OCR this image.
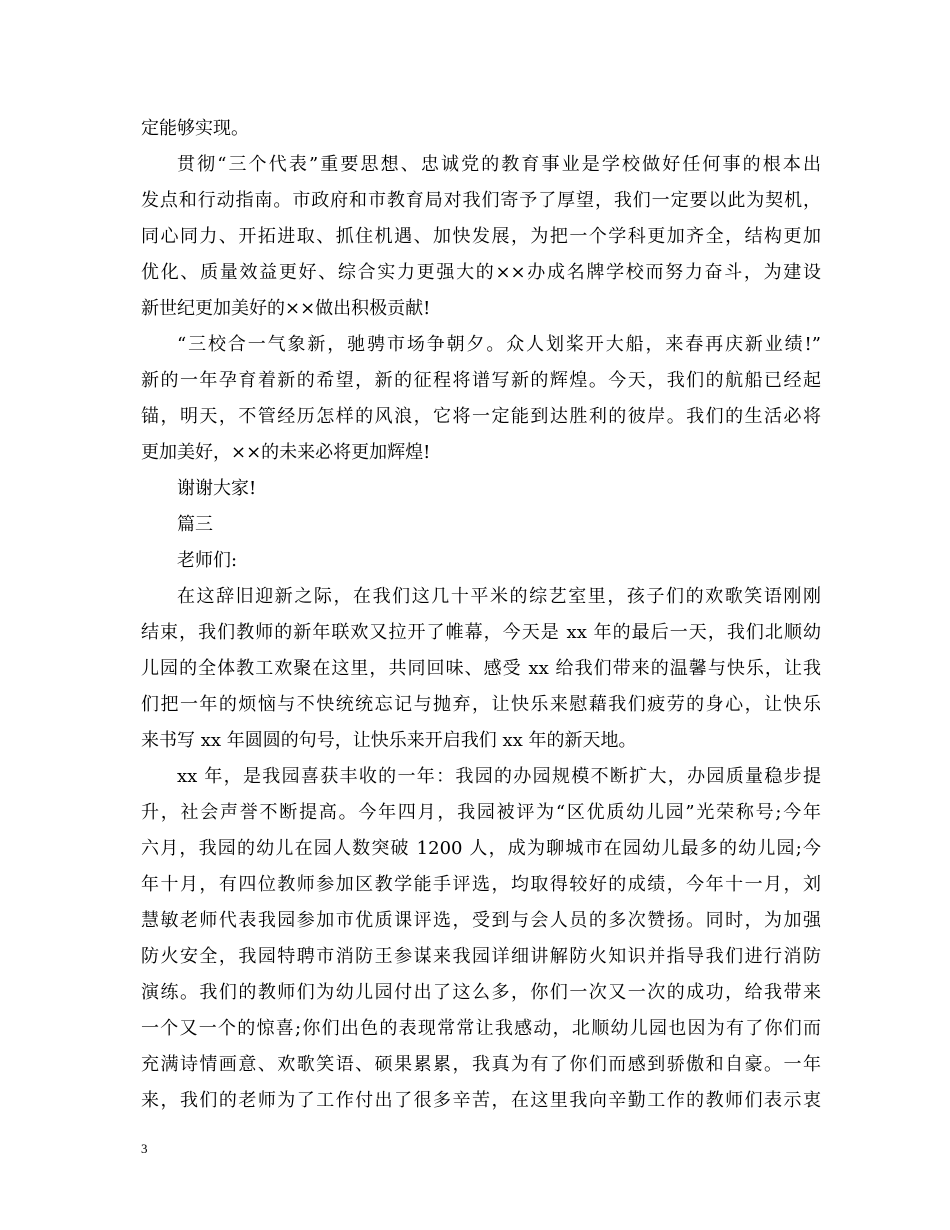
定能够实现。
贯彻“三个代表”重要思想、忠诚党的教育事业是学校做好任何事的根本出
发点和行动指南。市政府和市教育局对我们寄予了厚望，我们一定要以此为契机，
同心同力、开拓进取、抓住机遇、加快发展，为把一个学科更加齐全，结构更加
优化、质量效益更好、综合实力更强大的××办成名牌学校而努力奋斗，为建设
新世纪更加美好的××做出积极贡献!
“三校合一气象新，驰骋市场争朝夕。众人划桨开大船，来春再庆新业绩!”
新的一年孕育着新的希望，新的征程将谱写新的辉煌。今天，我们的航船已经起
锚，明天，不管经历怎样的风浪，它将一定能到达胜利的彼岸。我们的生活必将
更加美好，××的未来必将更加辉煌!
谢谢大家!
篇三
老师们:
在这辞旧迎新之际，在我们这几十平米的综艺室里，孩子们的欢歌笑语刚刚
结束，我们教师的新年联欢又拉开了帷幕，今天是 xx 年的最后一天，我们北顺幼
儿园的全体教工欢聚在这里，共同回味、感受 xx 给我们带来的温馨与快乐，让我
们把一年的烦恼与不快统统忘记与抛弃，让快乐来慰藉我们疲劳的身心，让快乐
来书写 xx 年圆圆的句号，让快乐来开启我们 xx 年的新天地。
xx 年，是我园喜获丰收的一年：我园的办园规模不断扩大，办园质量稳步提
升，社会声誉不断提高。今年四月，我园被评为“区优质幼儿园”光荣称号;今年
六月，我园的幼儿在园人数突破 1200 人，成为聊城市在园幼儿最多的幼儿园;今
年十月，有四位教师参加区教学能手评选，均取得较好的成绩，今年十一月，刘
慧敏老师代表我园参加市优质课评选，受到与会人员的多次赞扬。同时，为加强
防火安全，我园特聘市消防王参谋来我园详细讲解防火知识并指导我们进行消防
演练。我们的教师们为幼儿园付出了这么多，你们一次又一次的成功，给我带来
一个又一个的惊喜;你们出色的表现常常让我感动，北顺幼儿园也因为有了你们而
充满诗情画意、欢歌笑语、硕果累累，我真为有了你们而感到骄傲和自豪。一年
来，我们的老师为了工作付出了很多辛苦，在这里我向辛勤工作的教师们表示衷
3
